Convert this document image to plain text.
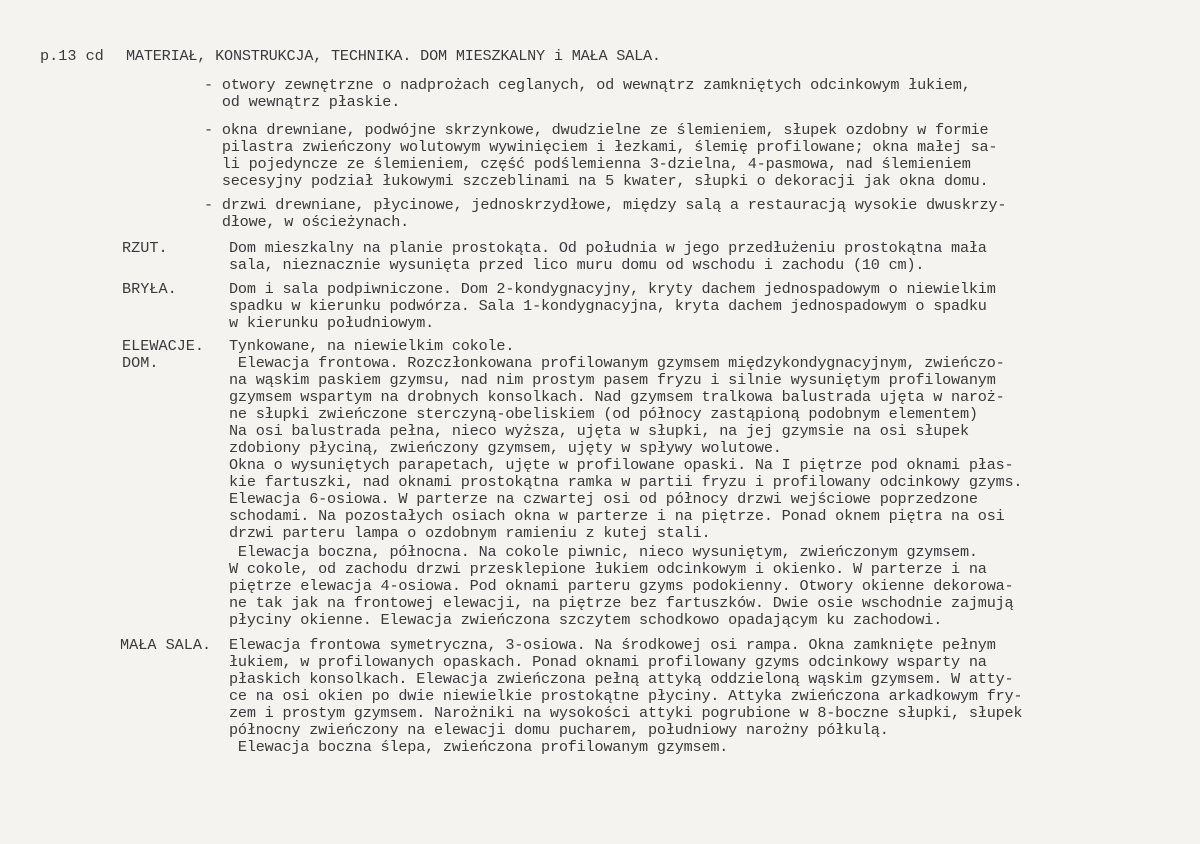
p.13 cd MATERIAŁ, KONSTRUKCJA, TECHNIKA. DOM MIESZKALNY i MAŁA SALA.
- otwory zewnętrzne o nadprożach ceglanych, od wewnątrz zamkniętych odcinkowym łukiem,
od wewnątrz płaskie.
- okna drewniane, podwójne skrzynkowe, dwudzielne ze ślemieniem, słupek ozdobny w formie
pilastra zwieńczony wolutowym wywinięciem i łezkami, ślemię profilowane; okna małej sa-
li pojedyncze ze ślemieniem, część podślemienna 3-dzielna, 4-pasmowa, nad ślemieniem
secesyjny podział łukowymi szczeblinami na 5 kwater, słupki o dekoracji jak okna domu.
- drzwi drewniane, płycinowe, jednoskrzydłowe, między salą a restauracją wysokie dwuskrzy-
dłowe, w ościeżynach.
RZUT.	Dom mieszkalny na planie prostokąta. Od południa w jego przedłużeniu prostokątna mała
sala, nieznacznie wysunięta przed lico muru domu od wschodu i zachodu (10 cm).
BRYŁA.	Dom i sala podpiwniczone. Dom 2-kondygnacyjny, kryty dachem jednospadowym o niewielkim
spadku w kierunku podwórza. Sala 1-kondygnacyjna, kryta dachem jednospadowym o spadku
w kierunku południowym.
ELEWACJE.
DOM.
Tynkowane, na niewielkim cokole.
Elewacja frontowa. Rozczłonkowana profilowanym gzymsem międzykondygnacyjnym, zwieńczo-
na wąskim paskiem gzymsu, nad nim prostym pasem fryzu i silnie wysuniętym profilowanym
gzymsem wspartym na drobnych konsolkach. Nad gzymsem tralkowa balustrada ujęta w naroż-
ne słupki zwieńczone sterczyną-obeliskiem (od północy zastąpioną podobnym elementem)
Na osi balustrada pełna, nieco wyższa, ujęta w słupki, na jej gzymsie na osi słupek
zdobiony płyciną, zwieńczony gzymsem, ujęty w spływy wolutowe.
Okna o wysuniętych parapetach, ujęte w profilowane opaski. Na I piętrze pod oknami płas-
kie fartuszki, nad oknami prostokątna ramka w partii fryzu i profilowany odcinkowy gzyms.
Elewacja 6-osiowa. W parterze na czwartej osi od północy drzwi wejściowe poprzedzone
schodami. Na pozostałych osiach okna w parterze i na piętrze. Ponad oknem piętra na osi
drzwi parteru lampa o ozdobnym ramieniu z kutej stali.
Elewacja boczna, północna. Na cokole piwnic, nieco wysuniętym, zwieńczonym gzymsem.
W cokole, od zachodu drzwi przesklepione łukiem odcinkowym i okienko. W parterze i na
piętrze elewacja 4-osiowa. Pod oknami parteru gzyms podokienny. Otwory okienne dekorowa-
ne tak jak na frontowej elewacji, na piętrze bez fartuszków. Dwie osie wschodnie zajmują
płyciny okienne. Elewacja zwieńczona szczytem schodkowo opadającym ku zachodowi.
MAŁA SALA. Elewacja frontowa symetryczna, 3-osiowa. Na środkowej osi rampa. Okna zamknięte pełnym
łukiem, w profilowanych opaskach. Ponad oknami profilowany gzyms odcinkowy wsparty na
płaskich konsolkach. Elewacja zwieńczona pełną attyką oddzieloną wąskim gzymsem. W atty-
ce na osi okien po dwie niewielkie prostokątne płyciny. Attyka zwieńczona arkadkowym fry-
zem i prostym gzymsem. Narożniki na wysokości attyki pogrubione w 8-boczne słupki, słupek
północny zwieńczony na elewacji domu pucharem, południowy narożny półkulą.
Elewacja boczna ślepa, zwieńczona profilowanym gzymsem.
